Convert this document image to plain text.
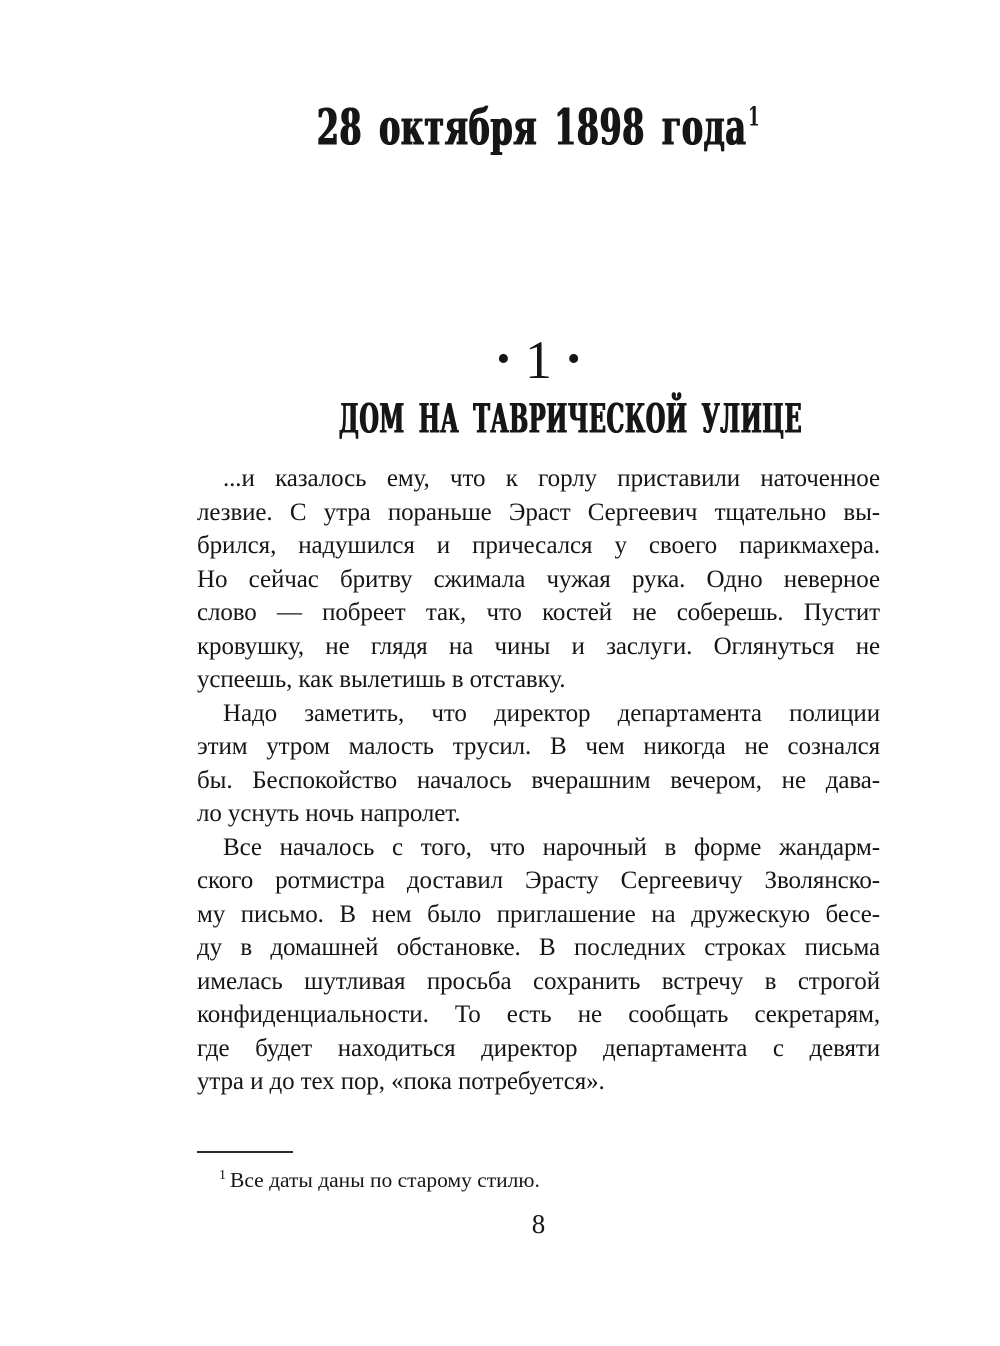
28 октября 1898 года$^1$
• 1 •
ДОМ НА ТАВРИЧЕСКОЙ УЛИЦЕ
...и казалось ему, что к горлу приставили наточенное
лезвие. С утра пораньше Эраст Сергеевич тщательно вы-
брился, надушился и причесался у своего парикмахера.
Но сейчас бритву сжимала чужая рука. Одно неверное
слово — побреет так, что костей не соберешь. Пустит
кровушку, не глядя на чины и заслуги. Оглянуться не
успеешь, как вылетишь в отставку.
Надо заметить, что директор департамента полиции
этим утром малость трусил. В чем никогда не сознался
бы. Беспокойство началось вчерашним вечером, не дава-
ло уснуть ночь напролет.
Все началось с того, что нарочный в форме жандарм-
ского ротмистра доставил Эрасту Сергеевичу Зволянско-
му письмо. В нем было приглашение на дружескую бесе-
ду в домашней обстановке. В последних строках письма
имелась шутливая просьба сохранить встречу в строгой
конфиденциальности. То есть не сообщать секретарям,
где будет находиться директор департамента с девяти
утра и до тех пор, «пока потребуется».
$^1$ Все даты даны по старому стилю.
8
